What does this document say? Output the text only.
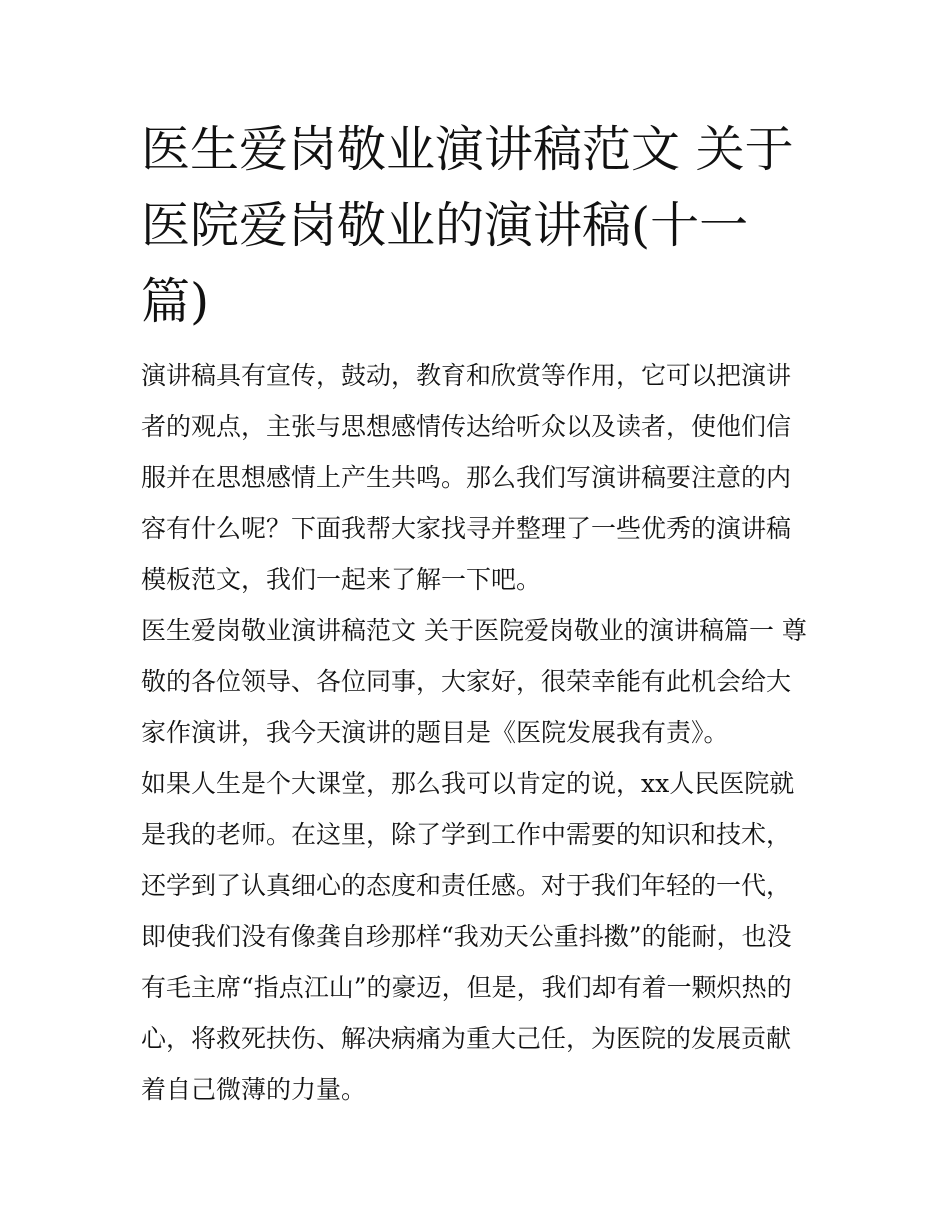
医生爱岗敬业演讲稿范文 关于医院爱岗敬业的演讲稿(十一篇)

演讲稿具有宣传，鼓动，教育和欣赏等作用，它可以把演讲者的观点，主张与思想感情传达给听众以及读者，使他们信服并在思想感情上产生共鸣。那么我们写演讲稿要注意的内容有什么呢？下面我帮大家找寻并整理了一些优秀的演讲稿模板范文，我们一起来了解一下吧。

医生爱岗敬业演讲稿范文 关于医院爱岗敬业的演讲稿篇一 尊敬的各位领导、各位同事，大家好，很荣幸能有此机会给大家作演讲，我今天演讲的题目是《医院发展我有责》。

如果人生是个大课堂，那么我可以肯定的说，xx人民医院就是我的老师。在这里，除了学到工作中需要的知识和技术，还学到了认真细心的态度和责任感。对于我们年轻的一代，即使我们没有像龚自珍那样“我劝天公重抖擞”的能耐，也没有毛主席“指点江山”的豪迈，但是，我们却有着一颗炽热的心，将救死扶伤、解决病痛为重大己任，为医院的发展贡献着自己微薄的力量。
